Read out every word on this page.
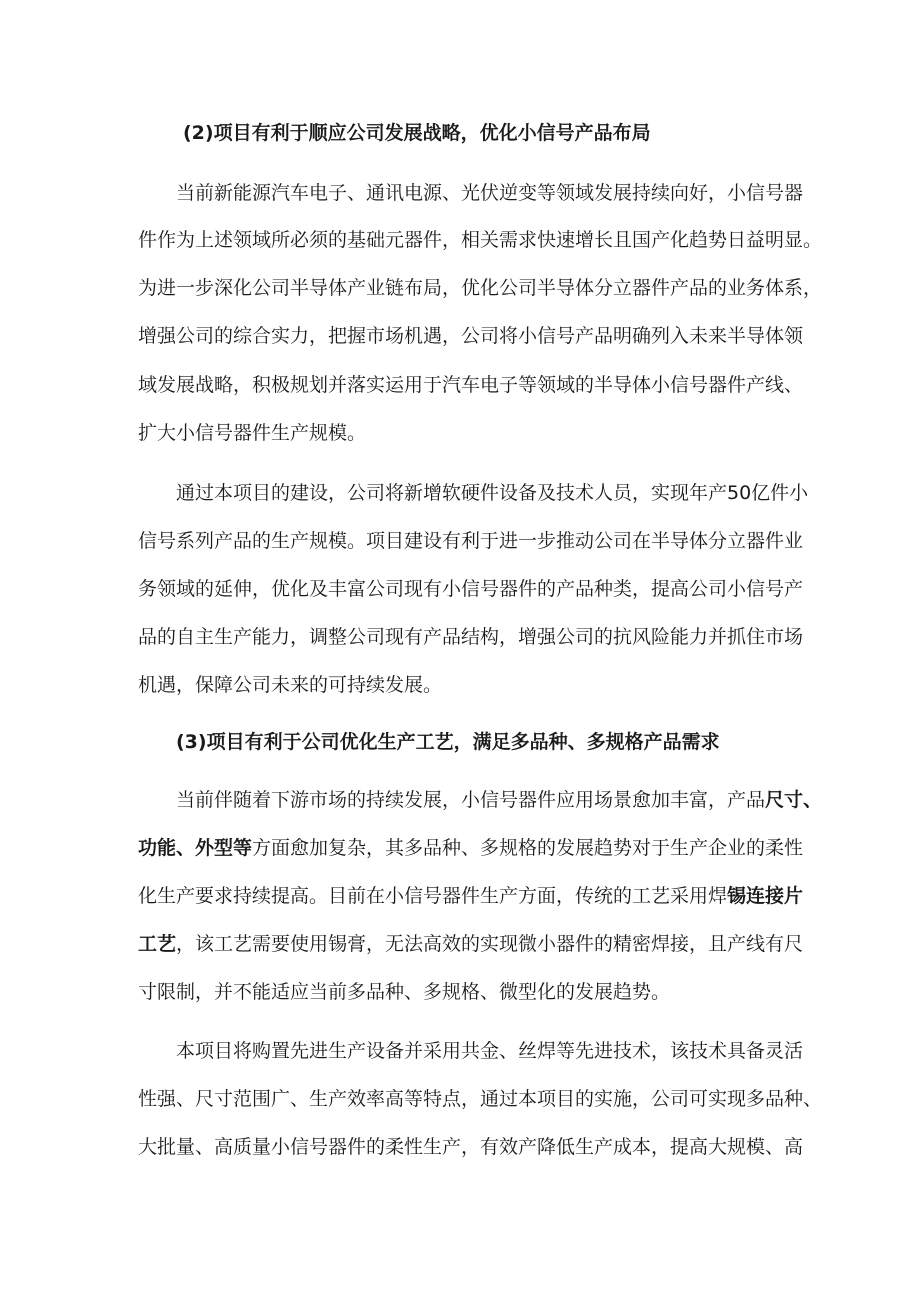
(2)项目有利于顺应公司发展战略，优化小信号产品布局
当前新能源汽车电子、通讯电源、光伏逆变等领域发展持续向好，小信号器
件作为上述领域所必须的基础元器件，相关需求快速增长且国产化趋势日益明显。
为进一步深化公司半导体产业链布局，优化公司半导体分立器件产品的业务体系，
增强公司的综合实力，把握市场机遇，公司将小信号产品明确列入未来半导体领
域发展战略，积极规划并落实运用于汽车电子等领域的半导体小信号器件产线、
扩大小信号器件生产规模。
通过本项目的建设，公司将新增软硬件设备及技术人员，实现年产50亿件小
信号系列产品的生产规模。项目建设有利于进一步推动公司在半导体分立器件业
务领域的延伸，优化及丰富公司现有小信号器件的产品种类，提高公司小信号产
品的自主生产能力，调整公司现有产品结构，增强公司的抗风险能力并抓住市场
机遇，保障公司未来的可持续发展。
(3)项目有利于公司优化生产工艺，满足多品种、多规格产品需求
当前伴随着下游市场的持续发展，小信号器件应用场景愈加丰富，产品尺寸、
功能、外型等方面愈加复杂，其多品种、多规格的发展趋势对于生产企业的柔性
化生产要求持续提高。目前在小信号器件生产方面，传统的工艺采用焊锡连接片
工艺，该工艺需要使用锡膏，无法高效的实现微小器件的精密焊接，且产线有尺
寸限制，并不能适应当前多品种、多规格、微型化的发展趋势。
本项目将购置先进生产设备并采用共金、丝焊等先进技术，该技术具备灵活
性强、尺寸范围广、生产效率高等特点，通过本项目的实施，公司可实现多品种、
大批量、高质量小信号器件的柔性生产，有效产降低生产成本，提高大规模、高
